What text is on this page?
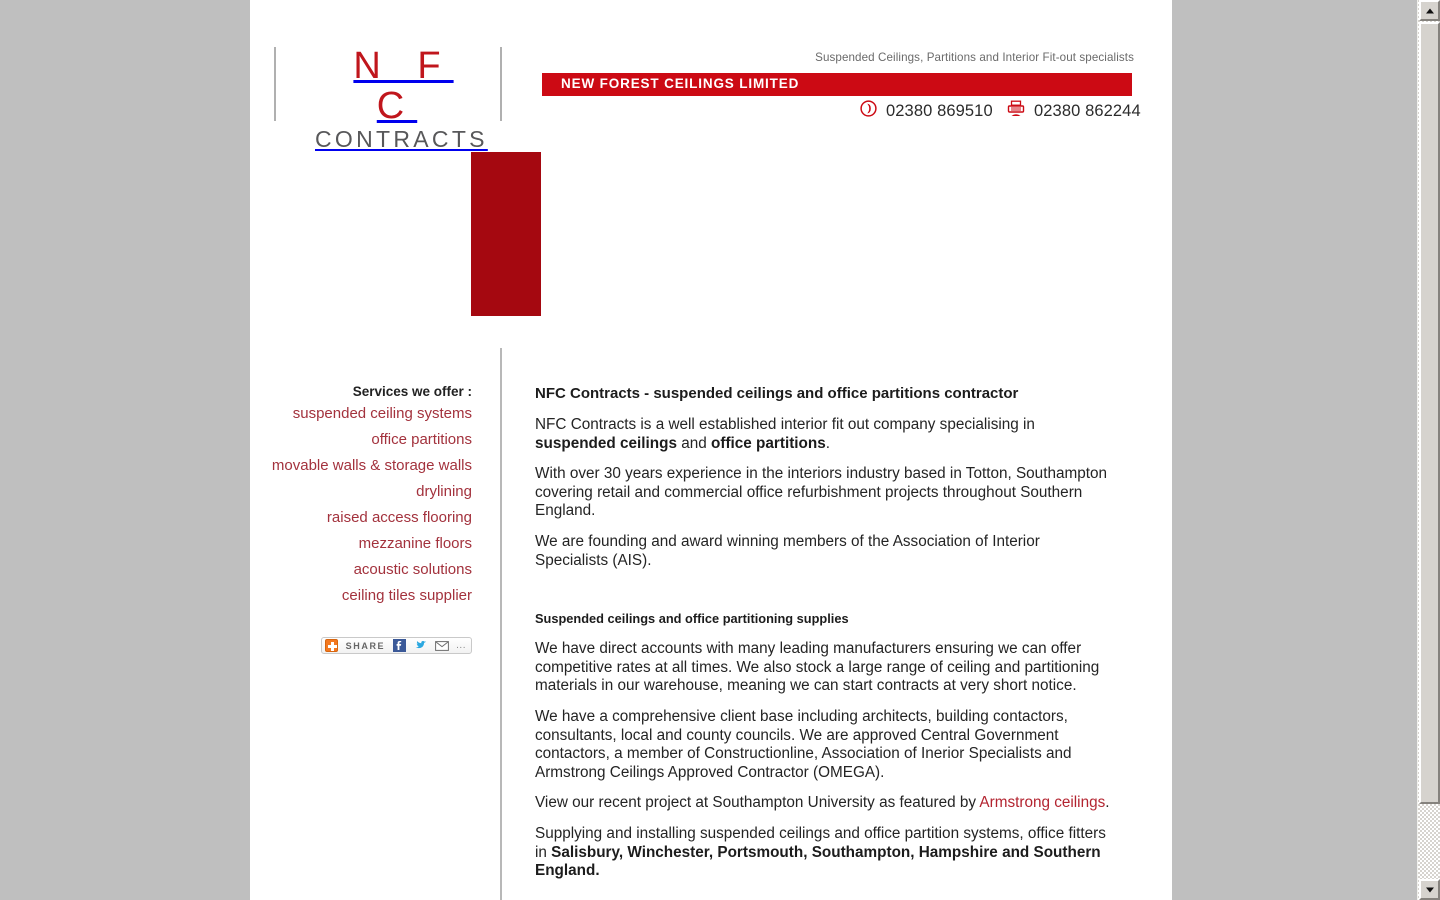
N F C
CONTRACTS
Suspended Ceilings, Partitions and Interior Fit-out specialists
NEW FOREST CEILINGS LIMITED
02380 869510	02380 862244
Services we offer :
suspended ceiling systems
office partitions
movable walls & storage walls
drylining
raised access flooring
mezzanine floors
acoustic solutions
ceiling tiles supplier
SHARE	...
NFC Contracts - suspended ceilings and office partitions contractor

NFC Contracts is a well established interior fit out company specialising in suspended ceilings and office partitions.

With over 30 years experience in the interiors industry based in Totton, Southampton covering retail and commercial office refurbishment projects throughout Southern England.

We are founding and award winning members of the Association of Interior Specialists (AIS).

Suspended ceilings and office partitioning supplies

We have direct accounts with many leading manufacturers ensuring we can offer competitive rates at all times. We also stock a large range of ceiling and partitioning materials in our warehouse, meaning we can start contracts at very short notice.

We have a comprehensive client base including architects, building contactors, consultants, local and county councils. We are approved Central Government contactors, a member of Constructionline, Association of Inerior Specialists and Armstrong Ceilings Approved Contractor (OMEGA).

View our recent project at Southampton University as featured by Armstrong ceilings.

Supplying and installing suspended ceilings and office partition systems, office fitters in Salisbury, Winchester, Portsmouth, Southampton, Hampshire and Southern England.
